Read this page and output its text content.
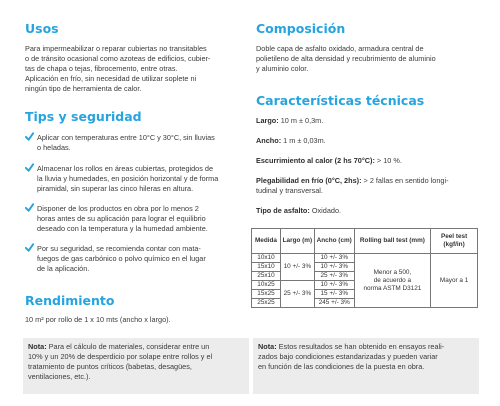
Usos

Para impermeabilizar o reparar cubiertas no transitables

o de tránsito ocasional como azoteas de edificios, cubier-

tas de chapa o tejas, fibrocemento, entre otras.

Aplicación en frío, sin necesidad de utilizar soplete ni

ningún tipo de herramienta de calor.

Tips y seguridad

Aplicar con temperaturas entre 10°C y 30°C, sin lluvias

o heladas.

Almacenar los rollos en áreas cubiertas, protegidos de

la lluvia y humedades, en posición horizontal y de forma

piramidal, sin superar las cinco hileras en altura.

Disponer de los productos en obra por lo menos 2

horas antes de su aplicación para lograr el equilibrio

deseado con la temperatura y la humedad ambiente.

Por su seguridad, se recomienda contar con mata-

fuegos de gas carbónico o polvo químico en el lugar

de la aplicación.

Rendimiento

10 m² por rollo de 1 x 10 mts (ancho x largo).

Composición

Doble capa de asfalto oxidado, armadura central de

polietileno de alta densidad y recubrimiento de aluminio

y aluminio color.

Características técnicas

Largo: 10 m ± 0,3m.

Ancho: 1 m ± 0,03m.

Escurrimiento al calor (2 hs 70°C): > 10 %.

Plegabilidad en frío (0°C, 2hs): > 2 fallas en sentido longi-

tudinal y transversal.

Tipo de asfalto: Oxidado.

Medida	Largo (m)	Ancho (cm)	Rolling ball test (mm)	Peel test (kgf/in)
10x10	10 +/- 3%	10 +/- 3%	Menor a 500,
de acuerdo a
norma ASTM D3121	Mayor a 1
15x10		10 +/- 3%		
25x10		25 +/- 3%		
10x25	25 +/- 3%	10 +/- 3%		
15x25		15 +/- 3%		
25x25		245 +/- 3%		

Nota: Para el cálculo de materiales, considerar entre un

10% y un 20% de desperdicio por solape entre rollos y el

tratamiento de puntos críticos (babetas, desagües,

ventilaciones, etc.).

Nota: Estos resultados se han obtenido en ensayos reali-

zados bajo condiciones estandarizadas y pueden variar

en función de las condiciones de la puesta en obra.
